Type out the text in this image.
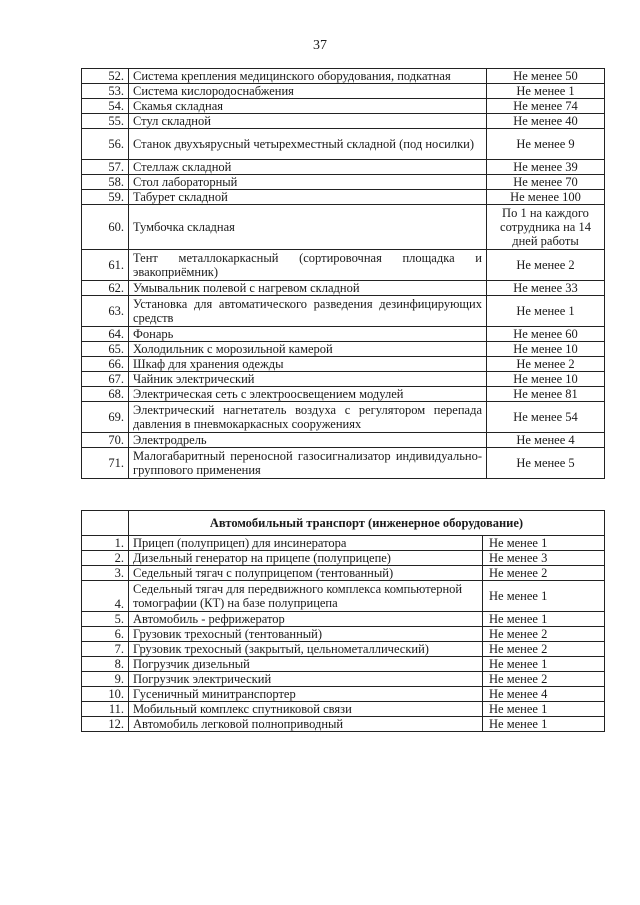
37
52.	Система крепления медицинского оборудования, подкатная	Не менее 50
53.	Система кислородоснабжения	Не менее 1
54.	Скамья складная	Не менее 74
55.	Стул складной	Не менее 40
56.	Станок двухъярусный четырехместный складной (под носилки)	Не менее 9
57.	Стеллаж складной	Не менее 39
58.	Стол лабораторный	Не менее 70
59.	Табурет складной	Не менее 100
60.	Тумбочка складная	По 1 на каждого сотрудника на 14 дней работы
61.	Тент металлокаркасный (сортировочная площадка и эвакоприёмник)	Не менее 2
62.	Умывальник полевой с нагревом складной	Не менее 33
63.	Установка для автоматического разведения дезинфицирующих средств	Не менее 1
64.	Фонарь	Не менее 60
65.	Холодильник с морозильной камерой	Не менее 10
66.	Шкаф для хранения одежды	Не менее 2
67.	Чайник электрический	Не менее 10
68.	Электрическая сеть с электроосвещением модулей	Не менее 81
69.	Электрический нагнетатель воздуха с регулятором перепада давления в пневмокаркасных сооружениях	Не менее 54
70.	Электродрель	Не менее 4
71.	Малогабаритный переносной газосигнализатор индивидуально-группового применения	Не менее 5
	Автомобильный транспорт (инженерное оборудование)	
1.	Прицеп (полуприцеп) для инсинератора	Не менее 1
2.	Дизельный генератор на прицепе (полуприцепе)	Не менее 3
3.	Седельный тягач с полуприцепом (тентованный)	Не менее 2
4.	Седельный тягач для передвижного комплекса компьютерной томографии (КТ) на базе полуприцепа	Не менее 1
5.	Автомобиль - рефрижератор	Не менее 1
6.	Грузовик трехосный (тентованный)	Не менее 2
7.	Грузовик трехосный (закрытый, цельнометаллический)	Не менее 2
8.	Погрузчик дизельный	Не менее 1
9.	Погрузчик электрический	Не менее 2
10.	Гусеничный минитранспортер	Не менее 4
11.	Мобильный комплекс спутниковой связи	Не менее 1
12.	Автомобиль легковой полноприводный	Не менее 1
